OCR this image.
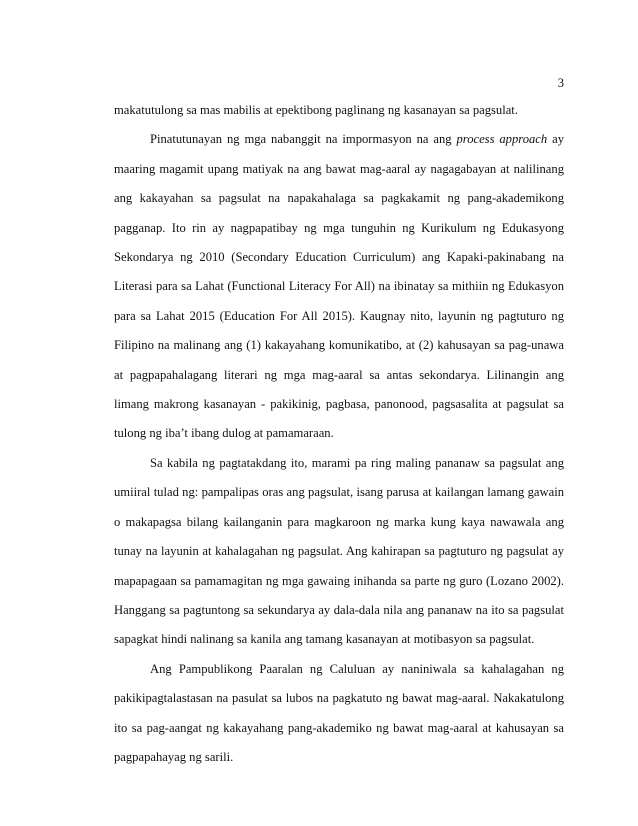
3

makatutulong sa mas mabilis at epektibong paglinang ng kasanayan sa pagsulat.

Pinatutunayan ng mga nabanggit na impormasyon na ang process approach ay maaring magamit upang matiyak na ang bawat mag-aaral ay nagagabayan at nalilinang ang kakayahan sa pagsulat na napakahalaga sa pagkakamit ng pang-akademikong pagganap. Ito rin ay nagpapatibay ng mga tunguhin ng Kurikulum ng Edukasyong Sekondarya ng 2010 (Secondary Education Curriculum) ang Kapaki-pakinabang na Literasi para sa Lahat (Functional Literacy For All) na ibinatay sa mithiin ng Edukasyon para sa Lahat 2015 (Education For All 2015). Kaugnay nito, layunin ng pagtuturo ng Filipino na malinang ang (1) kakayahang komunikatibo, at (2) kahusayan sa pag-unawa at pagpapahalagang literari ng mga mag-aaral sa antas sekondarya. Lilinangin ang limang makrong kasanayan - pakikinig, pagbasa, panonood, pagsasalita at pagsulat sa tulong ng iba’t ibang dulog at pamamaraan.

Sa kabila ng pagtatakdang ito, marami pa ring maling pananaw sa pagsulat ang umiiral tulad ng: pampalipas oras ang pagsulat, isang parusa at kailangan lamang gawain o makapagsa bilang kailanganin para magkaroon ng marka kung kaya nawawala ang tunay na layunin at kahalagahan ng pagsulat. Ang kahirapan sa pagtuturo ng pagsulat ay mapapagaan sa pamamagitan ng mga gawaing inihanda sa parte ng guro (Lozano 2002). Hanggang sa pagtuntong sa sekundarya ay dala-dala nila ang pananaw na ito sa pagsulat sapagkat hindi nalinang sa kanila ang tamang kasanayan at motibasyon sa pagsulat.

Ang Pampublikong Paaralan ng Caluluan ay naniniwala sa kahalagahan ng pakikipagtalastasan na pasulat sa lubos na pagkatuto ng bawat mag-aaral. Nakakatulong ito sa pag-aangat ng kakayahang pang-akademiko ng bawat mag-aaral at kahusayan sa pagpapahayag ng sarili.
